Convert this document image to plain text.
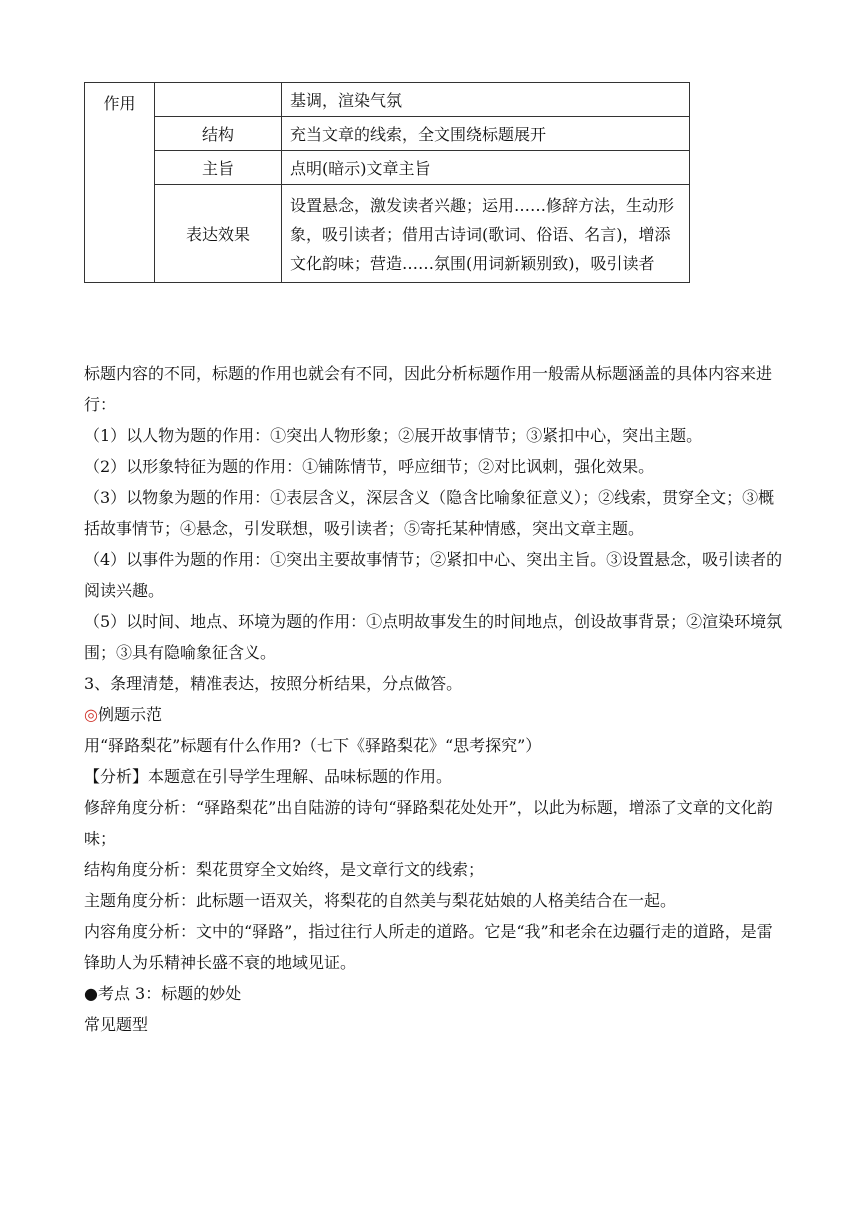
作用		基调，渲染气氛
	结构	充当文章的线索，全文围绕标题展开
	主旨	点明(暗示)文章主旨
	表达效果	设置悬念，激发读者兴趣；运用……修辞方法，生动形象，吸引读者；借用古诗词(歌词、俗语、名言)，增添文化韵味；营造……氛围(用词新颖别致)，吸引读者

标题内容的不同，标题的作用也就会有不同，因此分析标题作用一般需从标题涵盖的具体内容来进行：

（1）以人物为题的作用：①突出人物形象；②展开故事情节；③紧扣中心，突出主题。

（2）以形象特征为题的作用：①铺陈情节，呼应细节；②对比讽刺，强化效果。

（3）以物象为题的作用：①表层含义，深层含义（隐含比喻象征意义）；②线索，贯穿全文；③概括故事情节；④悬念，引发联想，吸引读者；⑤寄托某种情感，突出文章主题。

（4）以事件为题的作用：①突出主要故事情节；②紧扣中心、突出主旨。③设置悬念，吸引读者的阅读兴趣。

（5）以时间、地点、环境为题的作用：①点明故事发生的时间地点，创设故事背景；②渲染环境氛围；③具有隐喻象征含义。

3、条理清楚，精准表达，按照分析结果，分点做答。

◎例题示范

用“驿路梨花”标题有什么作用?（七下《驿路梨花》“思考探究”）

【分析】本题意在引导学生理解、品味标题的作用。

修辞角度分析：“驿路梨花”出自陆游的诗句“驿路梨花处处开”，以此为标题，增添了文章的文化韵味；

结构角度分析：梨花贯穿全文始终，是文章行文的线索；

主题角度分析：此标题一语双关，将梨花的自然美与梨花姑娘的人格美结合在一起。

内容角度分析：文中的“驿路”，指过往行人所走的道路。它是“我”和老余在边疆行走的道路，是雷锋助人为乐精神长盛不衰的地域见证。

●考点 3：标题的妙处

常见题型
